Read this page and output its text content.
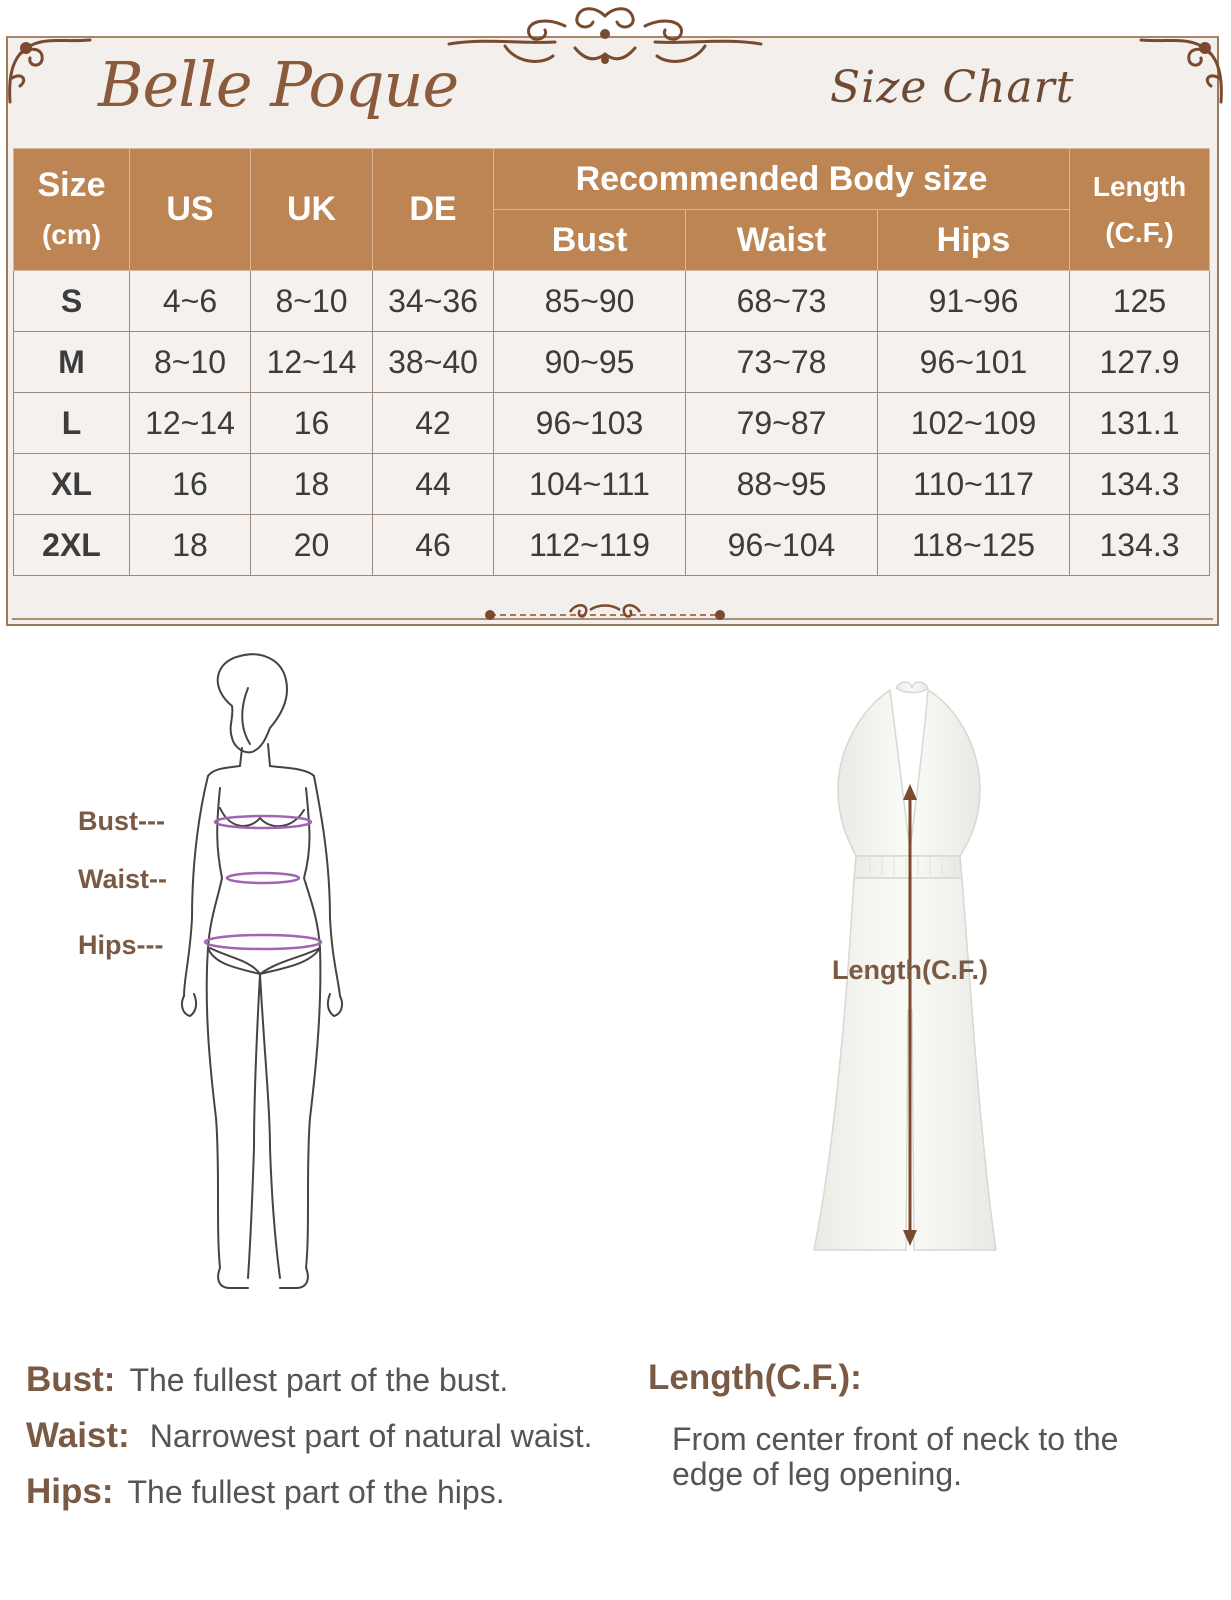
Belle Poque	Size Chart
Size
(cm)	US	UK	DE	Recommended Body size			Length
(C.F.)
				Bust	Waist	Hips	
S	4~6	8~10	34~36	85~90	68~73	91~96	125
M	8~10	12~14	38~40	90~95	73~78	96~101	127.9
L	12~14	16	42	96~103	79~87	102~109	131.1
XL	16	18	44	104~111	88~95	110~117	134.3
2XL	18	20	46	112~119	96~104	118~125	134.3
Bust---
Waist--
Hips---
Length(C.F.)
Bust: The fullest part of the bust.
Waist: Narrowest part of natural waist.
Hips: The fullest part of the hips.
Length(C.F.):
From center front of neck to the edge of leg opening.
